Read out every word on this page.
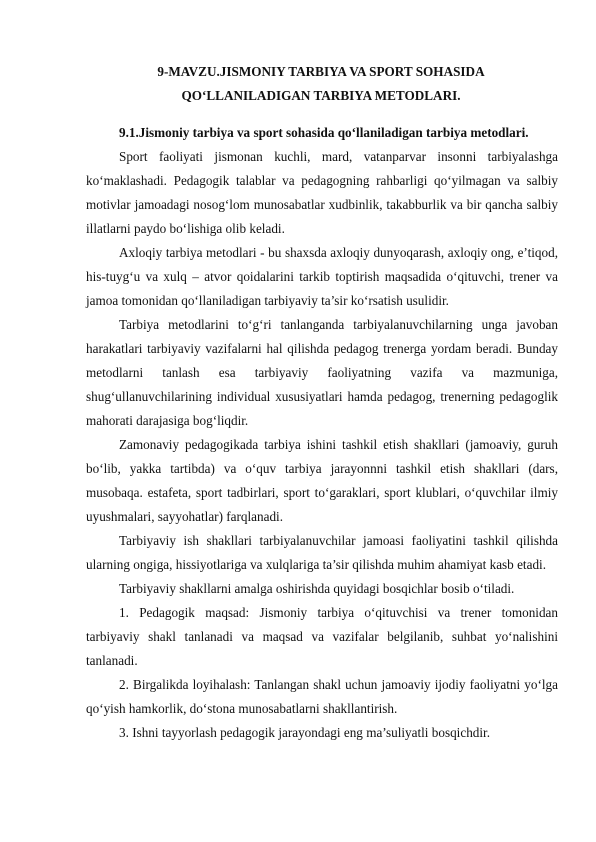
9-MAVZU.JISMONIY TARBIYA VA SPORT SOHASIDA
QO‘LLANILADIGAN TARBIYA METODLARI.
9.1.Jismoniy tarbiya va sport sohasida qo‘llaniladigan tarbiya metodlari.

Sport faoliyati jismonan kuchli, mard, vatanparvar insonni tarbiyalashga ko‘maklashadi. Pedagogik talablar va pedagogning rahbarligi qo‘yilmagan va salbiy motivlar jamoadagi nosog‘lom munosabatlar xudbinlik, takabburlik va bir qancha salbiy illatlarni paydo bo‘lishiga olib keladi.

Axloqiy tarbiya metodlari - bu shaxsda axloqiy dunyoqarash, axloqiy ong, e’tiqod, his-tuyg‘u va xulq – atvor qoidalarini tarkib toptirish maqsadida o‘qituvchi, trener va jamoa tomonidan qo‘llaniladigan tarbiyaviy ta’sir ko‘rsatish usulidir.

Tarbiya metodlarini to‘g‘ri tanlanganda tarbiyalanuvchilarning unga javoban harakatlari tarbiyaviy vazifalarni hal qilishda pedagog trenerga yordam beradi. Bunday metodlarni tanlash esa tarbiyaviy faoliyatning vazifa va mazmuniga, shug‘ullanuvchilarining individual xususiyatlari hamda pedagog, trenerning pedagoglik mahorati darajasiga bog‘liqdir.

Zamonaviy pedagogikada tarbiya ishini tashkil etish shakllari (jamoaviy, guruh bo‘lib, yakka tartibda) va o‘quv tarbiya jarayonnni tashkil etish shakllari (dars, musobaqa. estafeta, sport tadbirlari, sport to‘garaklari, sport klublari, o‘quvchilar ilmiy uyushmalari, sayyohatlar) farqlanadi.

Tarbiyaviy ish shakllari tarbiyalanuvchilar jamoasi faoliyatini tashkil qilishda ularning ongiga, hissiyotlariga va xulqlariga ta’sir qilishda muhim ahamiyat kasb etadi.

Tarbiyaviy shakllarni amalga oshirishda quyidagi bosqichlar bosib o‘tiladi.

1. Pedagogik maqsad: Jismoniy tarbiya o‘qituvchisi va trener tomonidan tarbiyaviy shakl tanlanadi va maqsad va vazifalar belgilanib, suhbat yo‘nalishini tanlanadi.

2. Birgalikda loyihalash: Tanlangan shakl uchun jamoaviy ijodiy faoliyatni yo‘lga qo‘yish hamkorlik, do‘stona munosabatlarni shakllantirish.

3. Ishni tayyorlash pedagogik jarayondagi eng ma’suliyatli bosqichdir.
